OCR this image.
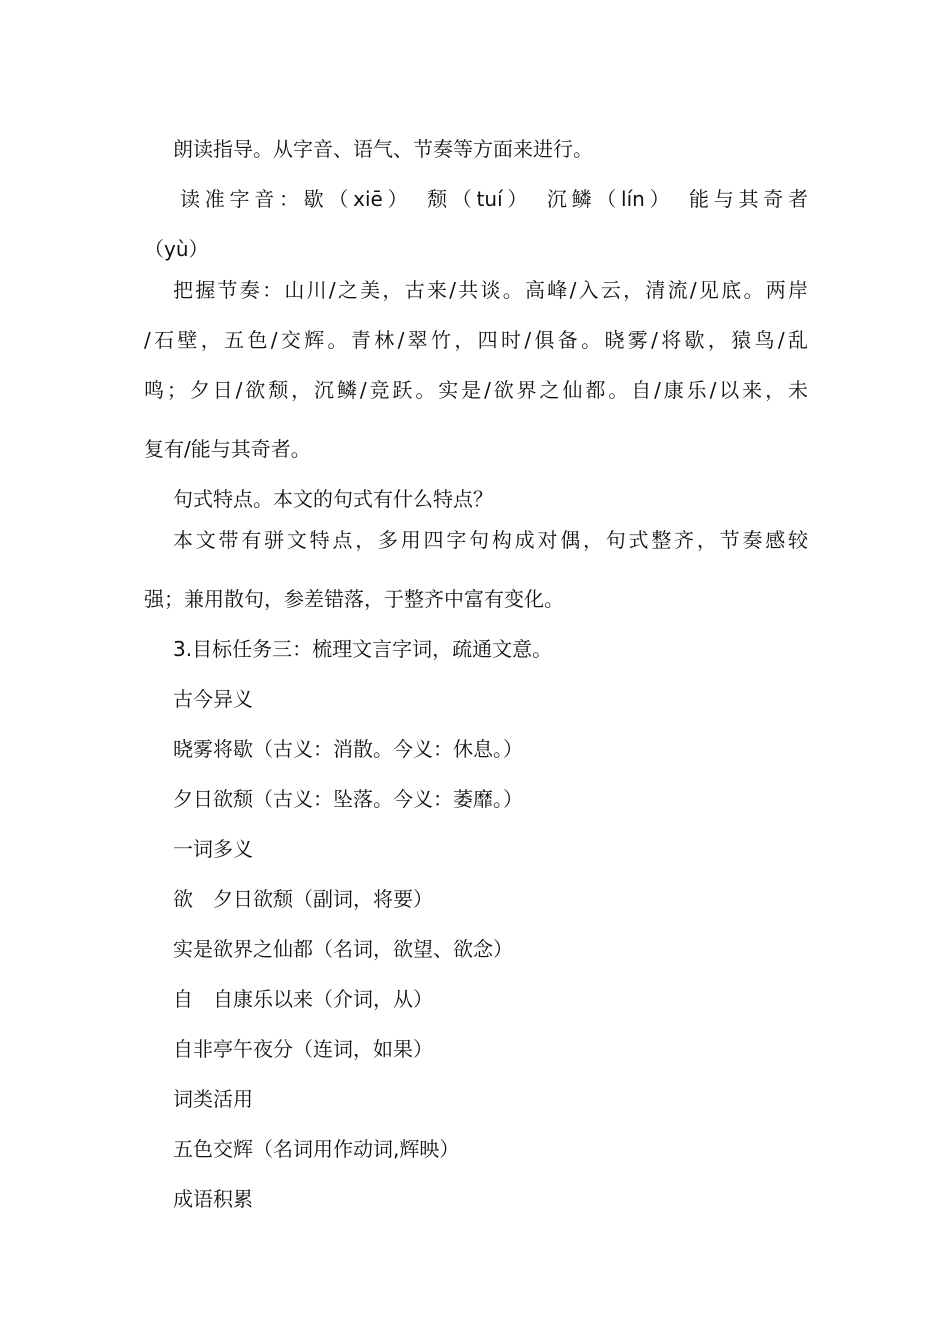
朗读指导。从字音、语气、节奏等方面来进行。

读准字音：歇（xiē）　颓（tuí）　沉鳞（lín）　能与其奇者

（yù）

把握节奏：山川/之美，古来/共谈。高峰/入云，清流/见底。两岸
/石壁，五色/交辉。青林/翠竹，四时/俱备。晓雾/将歇，猿鸟/乱
鸣；夕日/欲颓，沉鳞/竞跃。实是/欲界之仙都。自/康乐/以来，未

复有/能与其奇者。

句式特点。本文的句式有什么特点？

本文带有骈文特点，多用四字句构成对偶，句式整齐，节奏感较

强；兼用散句，参差错落，于整齐中富有变化。

3.目标任务三：梳理文言字词，疏通文意。

古今异义

晓雾将歇（古义：消散。今义：休息。）

夕日欲颓（古义：坠落。今义：萎靡。）

一词多义

欲　夕日欲颓（副词，将要）

实是欲界之仙都（名词，欲望、欲念）

自　自康乐以来（介词，从）

自非亭午夜分（连词，如果）

词类活用

五色交辉（名词用作动词,辉映）

成语积累
